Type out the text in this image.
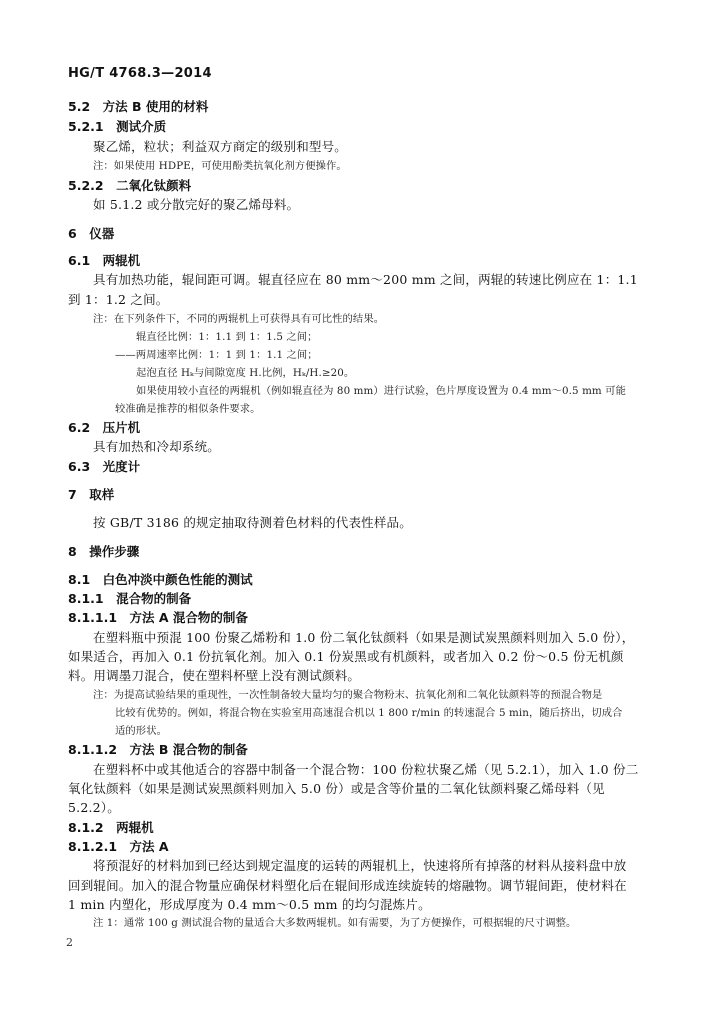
HG/T 4768.3—2014
5.2　方法 B 使用的材料
5.2.1　测试介质
聚乙烯，粒状；利益双方商定的级别和型号。
注：如果使用 HDPE，可使用酚类抗氧化剂方便操作。
5.2.2　二氧化钛颜料
如 5.1.2 或分散完好的聚乙烯母料。
6　仪器
6.1　两辊机
具有加热功能，辊间距可调。辊直径应在 80 mm～200 mm 之间，两辊的转速比例应在 1：1.1
到 1：1.2 之间。
注：在下列条件下，不同的两辊机上可获得具有可比性的结果。
辊直径比例：1：1.1 到 1：1.5 之间；
——两周速率比例：1：1 到 1：1.1 之间；
起泡直径 Hₖ与间隙宽度 H.比例，Hₖ/H.≥20。
如果使用较小直径的两辊机（例如辊直径为 80 mm）进行试验，色片厚度设置为 0.4 mm～0.5 mm 可能
较准确是推荐的相似条件要求。
6.2　压片机
具有加热和冷却系统。
6.3　光度计
7　取样
按 GB/T 3186 的规定抽取待测着色材料的代表性样品。
8　操作步骤
8.1　白色冲淡中颜色性能的测试
8.1.1　混合物的制备
8.1.1.1　方法 A 混合物的制备
在塑料瓶中预混 100 份聚乙烯粉和 1.0 份二氧化钛颜料（如果是测试炭黑颜料则加入 5.0 份），
如果适合，再加入 0.1 份抗氧化剂。加入 0.1 份炭黑或有机颜料，或者加入 0.2 份～0.5 份无机颜
料。用调墨刀混合，使在塑料杯壁上没有测试颜料。
注：为提高试验结果的重现性，一次性制备较大量均匀的聚合物粉末、抗氧化剂和二氧化钛颜料等的预混合物是
比较有优势的。例如，将混合物在实验室用高速混合机以 1 800 r/min 的转速混合 5 min，随后挤出，切成合
适的形状。
8.1.1.2　方法 B 混合物的制备
在塑料杯中或其他适合的容器中制备一个混合物：100 份粒状聚乙烯（见 5.2.1），加入 1.0 份二
氧化钛颜料（如果是测试炭黑颜料则加入 5.0 份）或是含等价量的二氧化钛颜料聚乙烯母料（见
5.2.2）。
8.1.2　两辊机
8.1.2.1　方法 A
将预混好的材料加到已经达到规定温度的运转的两辊机上，快速将所有掉落的材料从接料盘中放
回到辊间。加入的混合物量应确保材料塑化后在辊间形成连续旋转的熔融物。调节辊间距，使材料在
1 min 内塑化，形成厚度为 0.4 mm～0.5 mm 的均匀混炼片。
注 1：通常 100 g 测试混合物的量适合大多数两辊机。如有需要，为了方便操作，可根据辊的尺寸调整。
2
